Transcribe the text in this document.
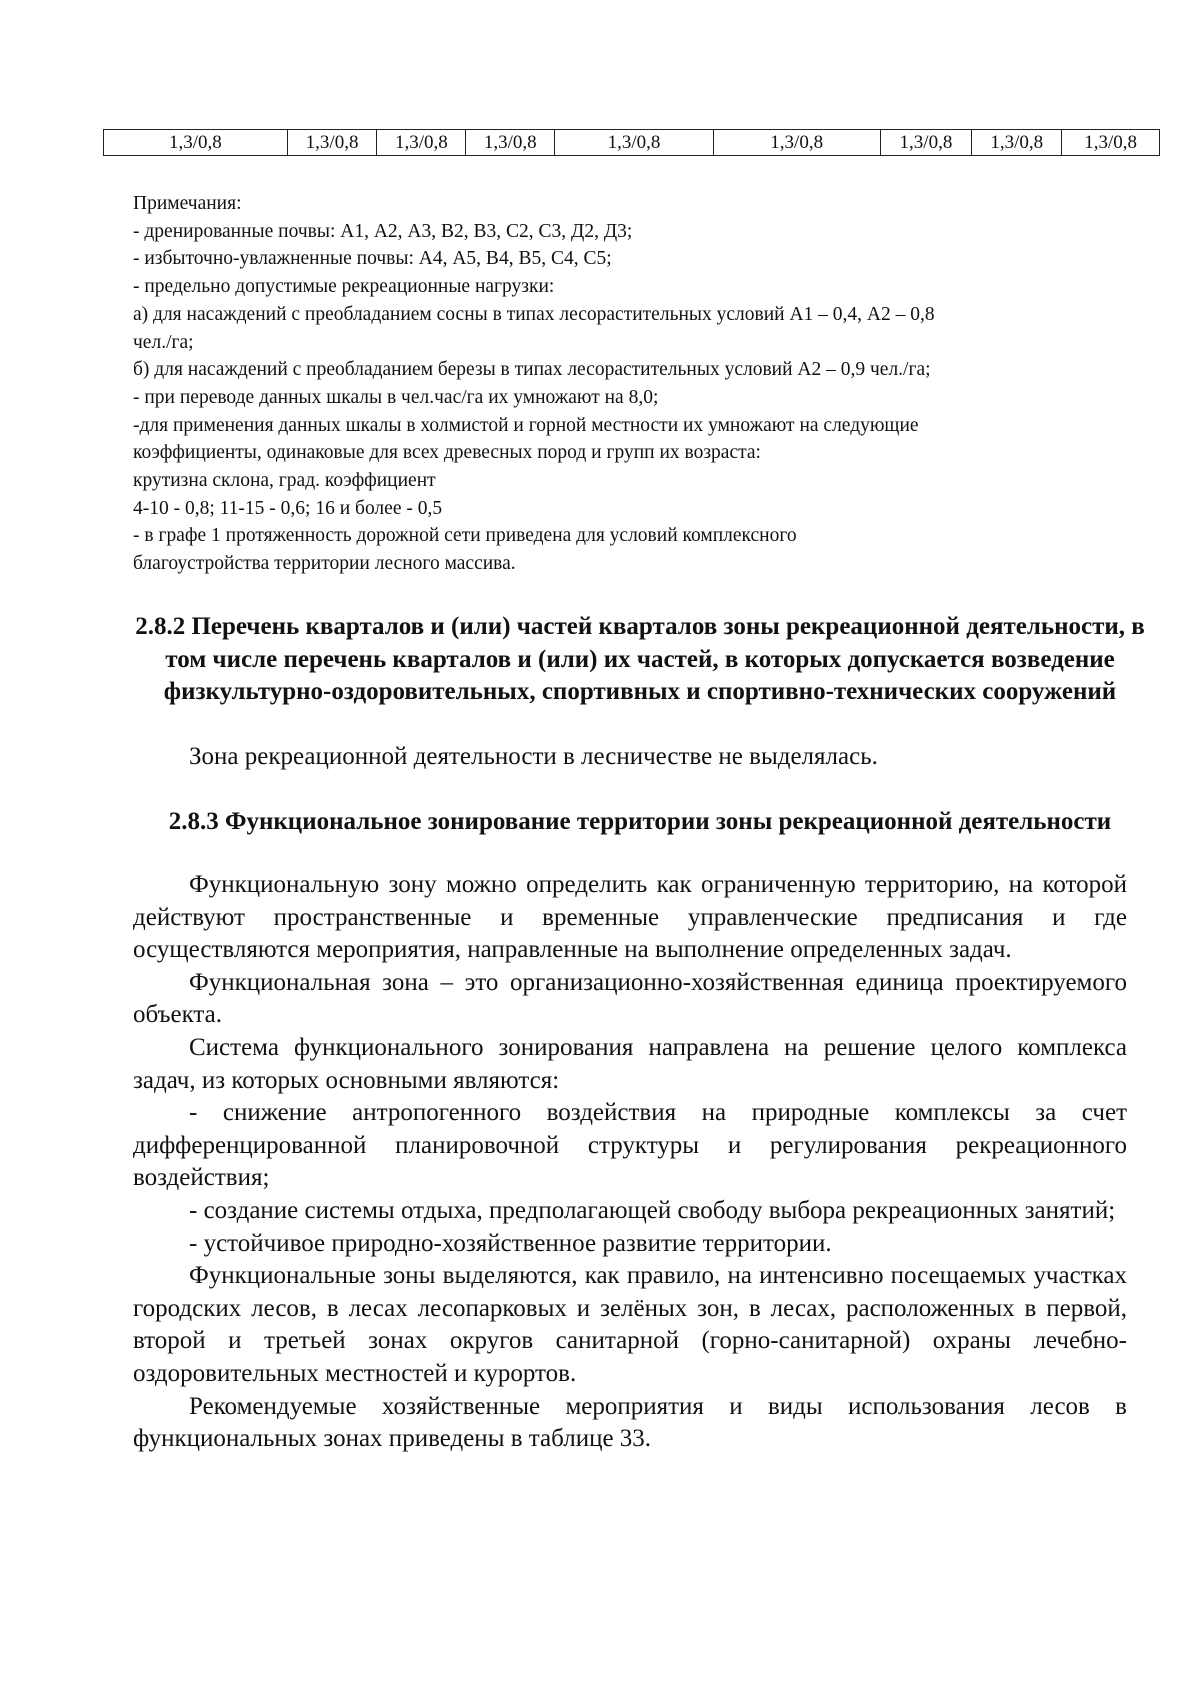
1,3/0,8	1,3/0,8	1,3/0,8	1,3/0,8	1,3/0,8	1,3/0,8	1,3/0,8	1,3/0,8	1,3/0,8

Примечания:

- дренированные почвы: А1, А2, А3, В2, В3, С2, С3, Д2, Д3;

- избыточно-увлажненные почвы: А4, А5, В4, В5, С4, С5;

- предельно допустимые рекреационные нагрузки:

а) для насаждений с преобладанием сосны в типах лесорастительных условий А1 – 0,4, А2 – 0,8

чел./га;

б) для насаждений с преобладанием березы в типах лесорастительных условий А2 – 0,9 чел./га;

- при переводе данных шкалы в чел.час/га их умножают на 8,0;

-для применения данных шкалы в холмистой и горной местности их умножают на следующие

коэффициенты, одинаковые для всех древесных пород и групп их возраста:

крутизна склона, град. коэффициент

4-10 - 0,8; 11-15 - 0,6; 16 и более - 0,5

- в графе 1 протяженность дорожной сети приведена для условий комплексного

благоустройства территории лесного массива.

2.8.2 Перечень кварталов и (или) частей кварталов зоны рекреационной деятельности, в том числе перечень кварталов и (или) их частей, в которых допускается возведение физкультурно-оздоровительных, спортивных и спортивно-технических сооружений

Зона рекреационной деятельности в лесничестве не выделялась.

2.8.3 Функциональное зонирование территории зоны рекреационной деятельности

Функциональную зону можно определить как ограниченную территорию, на которой действуют пространственные и временные управленческие предписания и где осуществляются мероприятия, направленные на выполнение определенных задач.

Функциональная зона – это организационно-хозяйственная единица проектируемого объекта.

Система функционального зонирования направлена на решение целого комплекса задач, из которых основными являются:

- снижение антропогенного воздействия на природные комплексы за счет дифференцированной планировочной структуры и регулирования рекреационного воздействия;

- создание системы отдыха, предполагающей свободу выбора рекреационных занятий;

- устойчивое природно-хозяйственное развитие территории.

Функциональные зоны выделяются, как правило, на интенсивно посещаемых участках городских лесов, в лесах лесопарковых и зелёных зон, в лесах, расположенных в первой, второй и третьей зонах округов санитарной (горно-санитарной) охраны лечебно-оздоровительных местностей и курортов.

Рекомендуемые хозяйственные мероприятия и виды использования лесов в функциональных зонах приведены в таблице 33.
